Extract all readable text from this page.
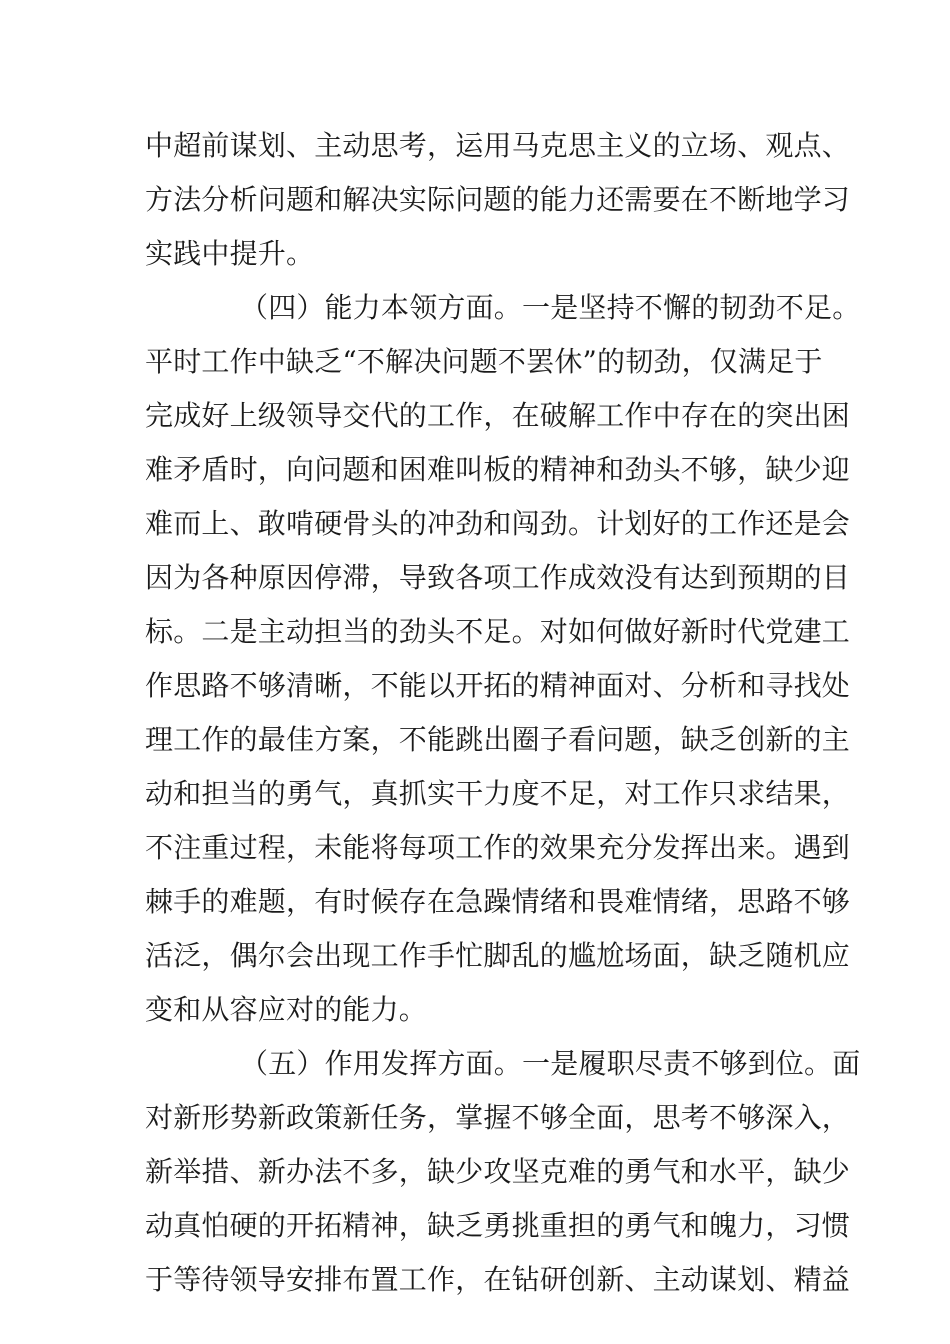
中超前谋划、主动思考，运用马克思主义的立场、观点、
方法分析问题和解决实际问题的能力还需要在不断地学习
实践中提升。
（四）能力本领方面。一是坚持不懈的韧劲不足。
平时工作中缺乏“不解决问题不罢休”的韧劲，仅满足于
完成好上级领导交代的工作，在破解工作中存在的突出困
难矛盾时，向问题和困难叫板的精神和劲头不够，缺少迎
难而上、敢啃硬骨头的冲劲和闯劲。计划好的工作还是会
因为各种原因停滞，导致各项工作成效没有达到预期的目
标。二是主动担当的劲头不足。对如何做好新时代党建工
作思路不够清晰，不能以开拓的精神面对、分析和寻找处
理工作的最佳方案，不能跳出圈子看问题，缺乏创新的主
动和担当的勇气，真抓实干力度不足，对工作只求结果，
不注重过程，未能将每项工作的效果充分发挥出来。遇到
棘手的难题，有时候存在急躁情绪和畏难情绪，思路不够
活泛，偶尔会出现工作手忙脚乱的尴尬场面，缺乏随机应
变和从容应对的能力。
（五）作用发挥方面。一是履职尽责不够到位。面
对新形势新政策新任务，掌握不够全面，思考不够深入，
新举措、新办法不多，缺少攻坚克难的勇气和水平，缺少
动真怕硬的开拓精神，缺乏勇挑重担的勇气和魄力，习惯
于等待领导安排布置工作，在钻研创新、主动谋划、精益
